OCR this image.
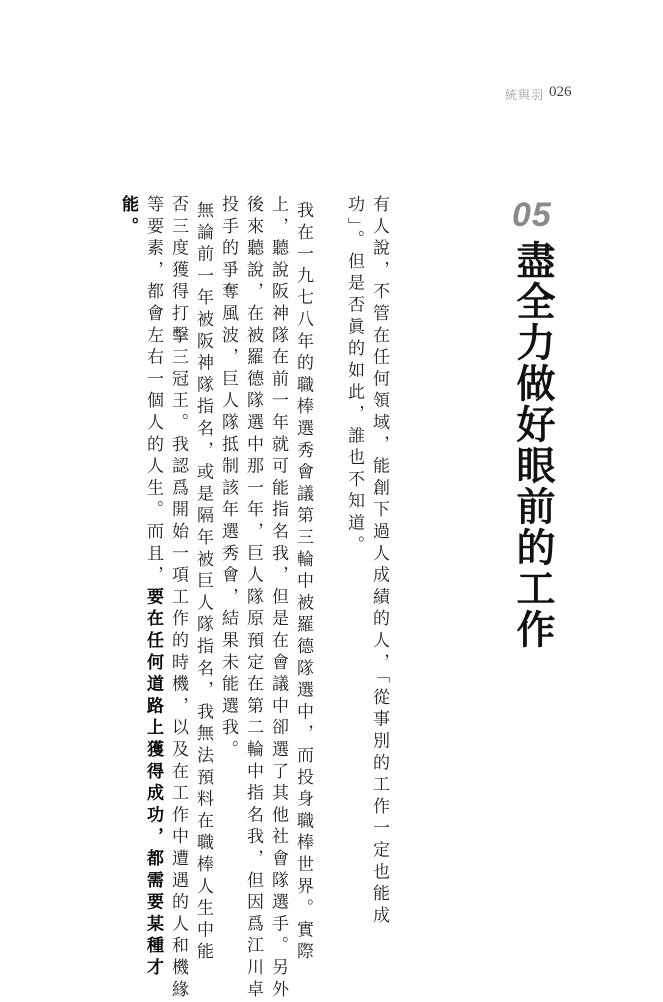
統與羽 026
05
盡全力做好眼前的工作
有人說，不管在任何領域，能創下過人成績的人，「從事別的工作一定也能成
功」。但是否眞的如此，誰也不知道。
我在一九七八年的職棒選秀會議第三輪中被羅德隊選中，而投身職棒世界。實際
上，聽說阪神隊在前一年就可能指名我，但是在會議中卻選了其他社會隊選手。另外
後來聽說，在被羅德隊選中那一年，巨人隊原預定在第二輪中指名我，但因爲江川卓
投手的爭奪風波，巨人隊抵制該年選秀會，結果未能選我。
無論前一年被阪神隊指名，或是隔年被巨人隊指名，我無法預料在職棒人生中能
否三度獲得打擊三冠王。我認爲開始一項工作的時機，以及在工作中遭遇的人和機緣
等要素，都會左右一個人的人生。而且，要在任何道路上獲得成功，都需要某種才
能。
